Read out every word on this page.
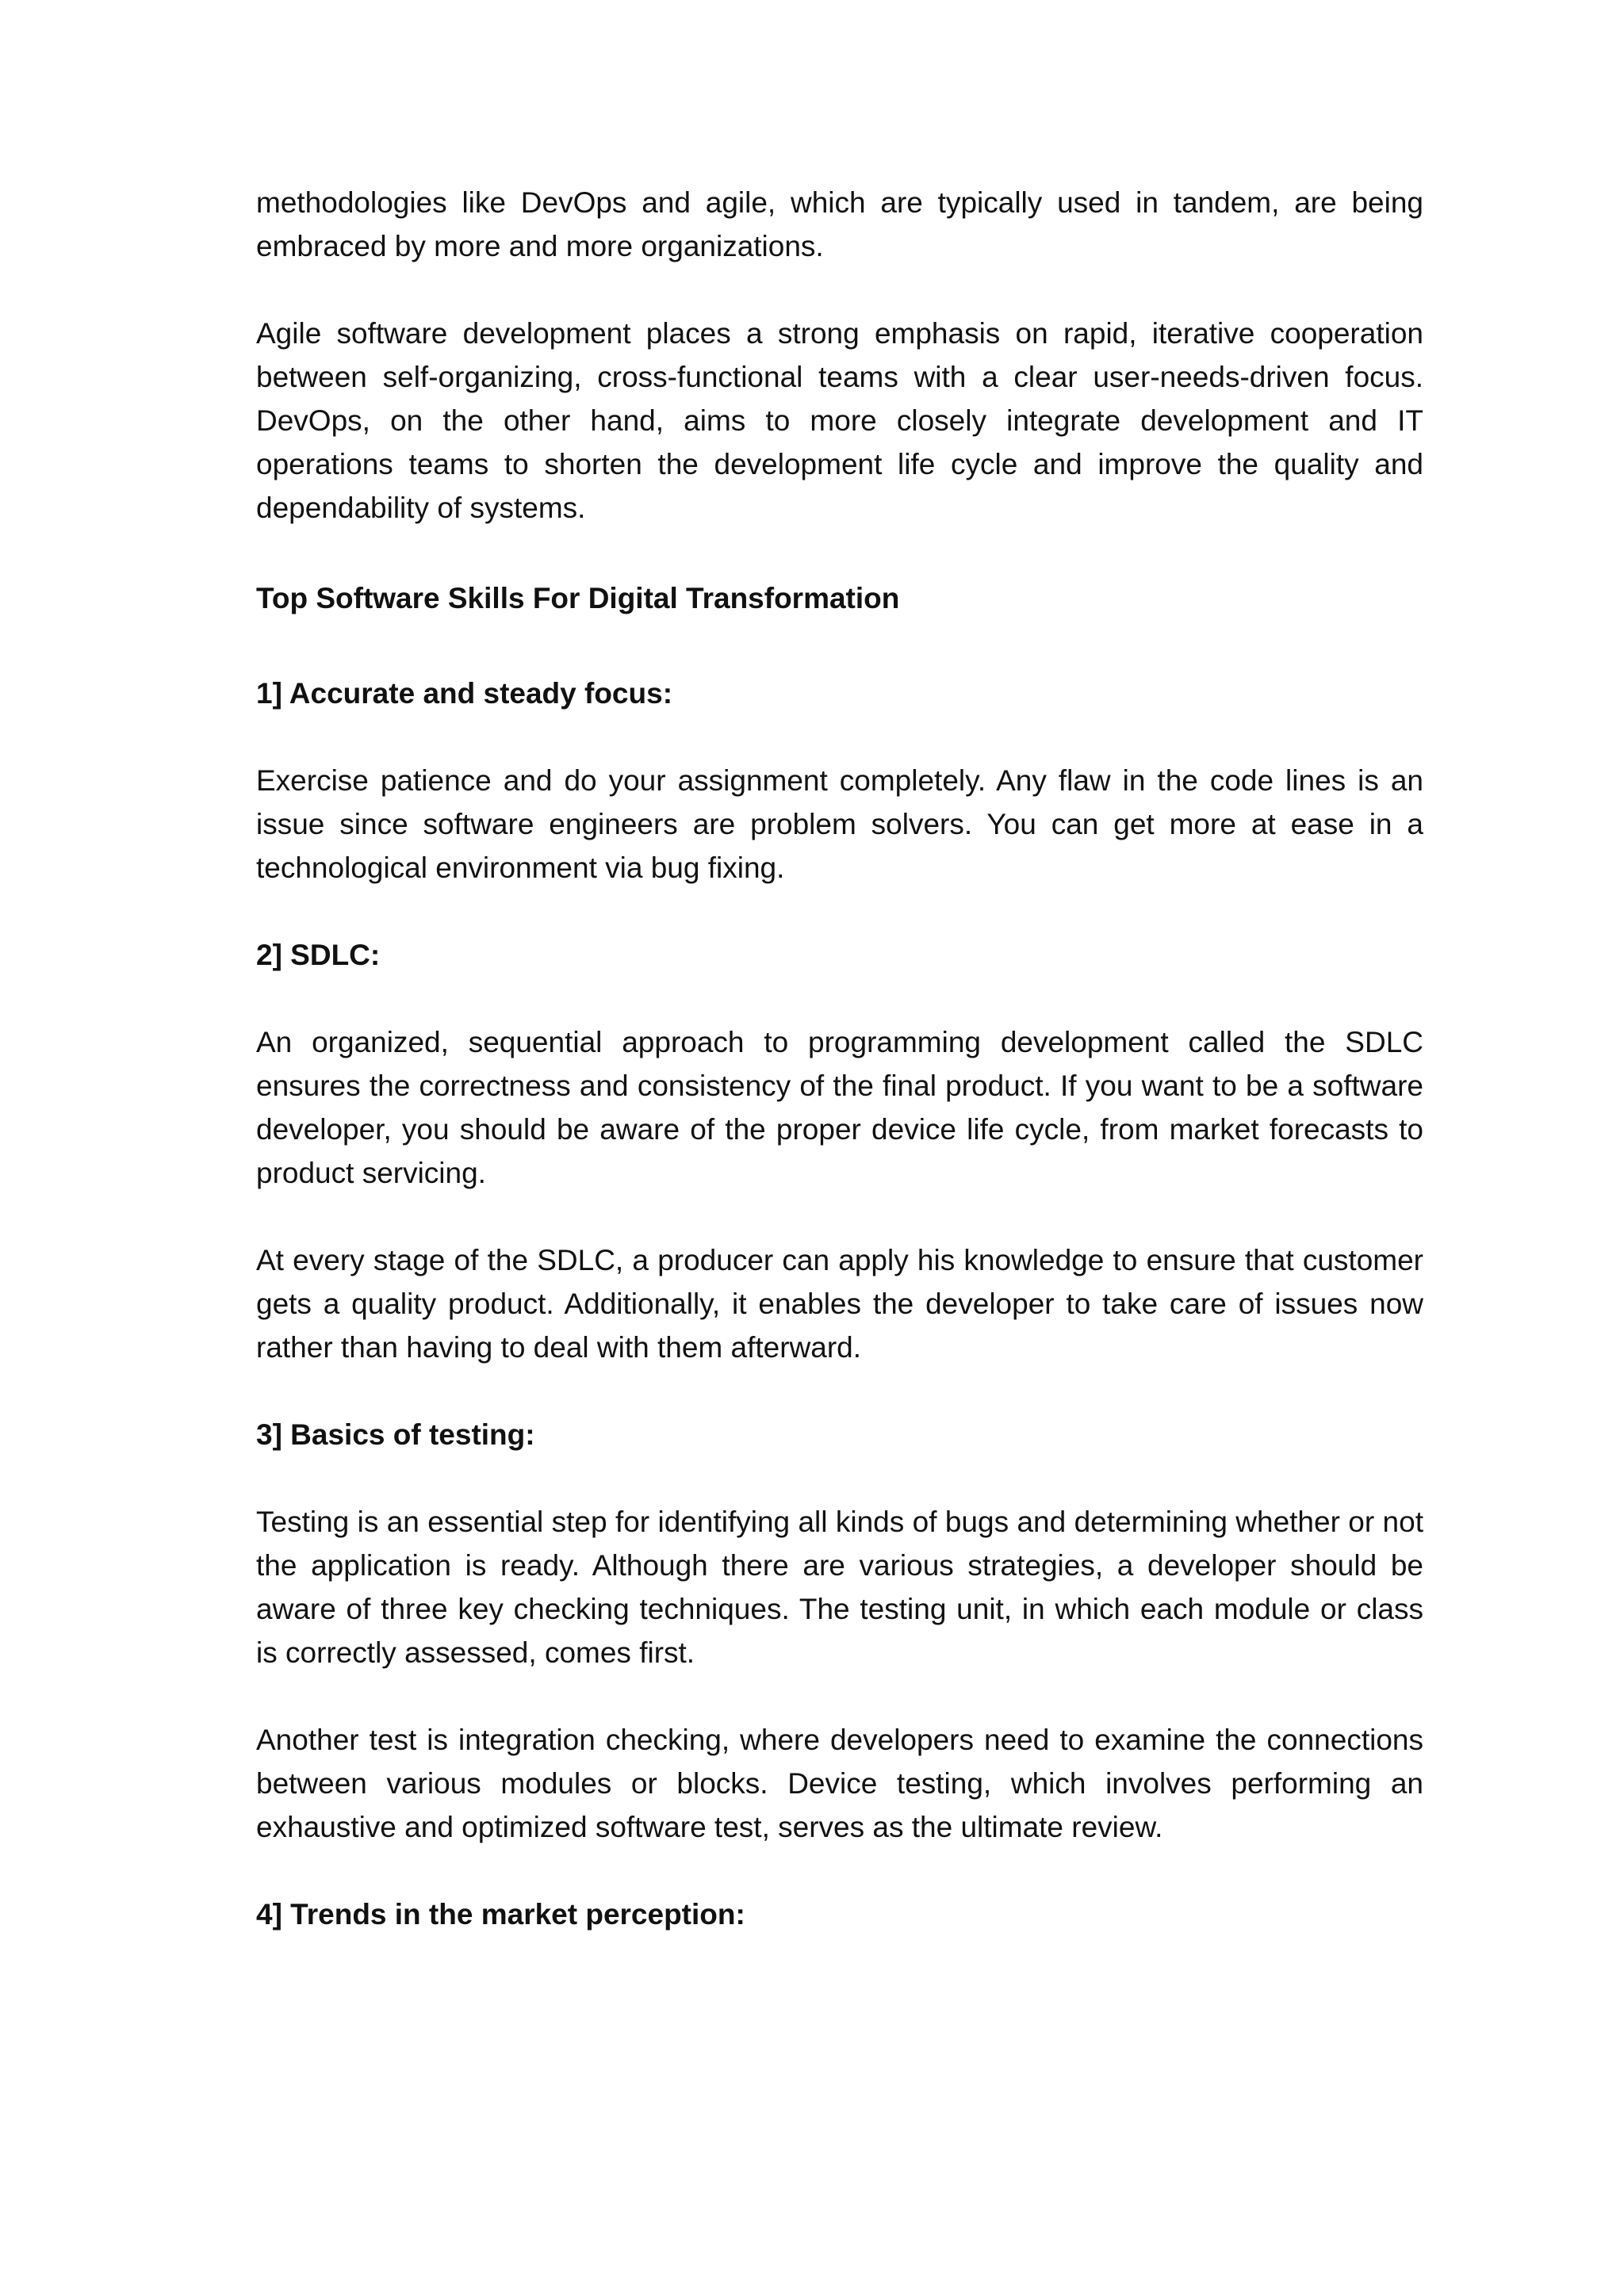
methodologies like DevOps and agile, which are typically used in tandem, are being embraced by more and more organizations.

Agile software development places a strong emphasis on rapid, iterative cooperation between self-organizing, cross-functional teams with a clear user-needs-driven focus. DevOps, on the other hand, aims to more closely integrate development and IT operations teams to shorten the development life cycle and improve the quality and dependability of systems.

Top Software Skills For Digital Transformation

1] Accurate and steady focus:

Exercise patience and do your assignment completely. Any flaw in the code lines is an issue since software engineers are problem solvers. You can get more at ease in a technological environment via bug fixing.

2] SDLC:

An organized, sequential approach to programming development called the SDLC ensures the correctness and consistency of the final product. If you want to be a software developer, you should be aware of the proper device life cycle, from market forecasts to product servicing.

At every stage of the SDLC, a producer can apply his knowledge to ensure that customer gets a quality product. Additionally, it enables the developer to take care of issues now rather than having to deal with them afterward.

3] Basics of testing:

Testing is an essential step for identifying all kinds of bugs and determining whether or not the application is ready. Although there are various strategies, a developer should be aware of three key checking techniques. The testing unit, in which each module or class is correctly assessed, comes first.

Another test is integration checking, where developers need to examine the connections between various modules or blocks. Device testing, which involves performing an exhaustive and optimized software test, serves as the ultimate review.

4] Trends in the market perception:
